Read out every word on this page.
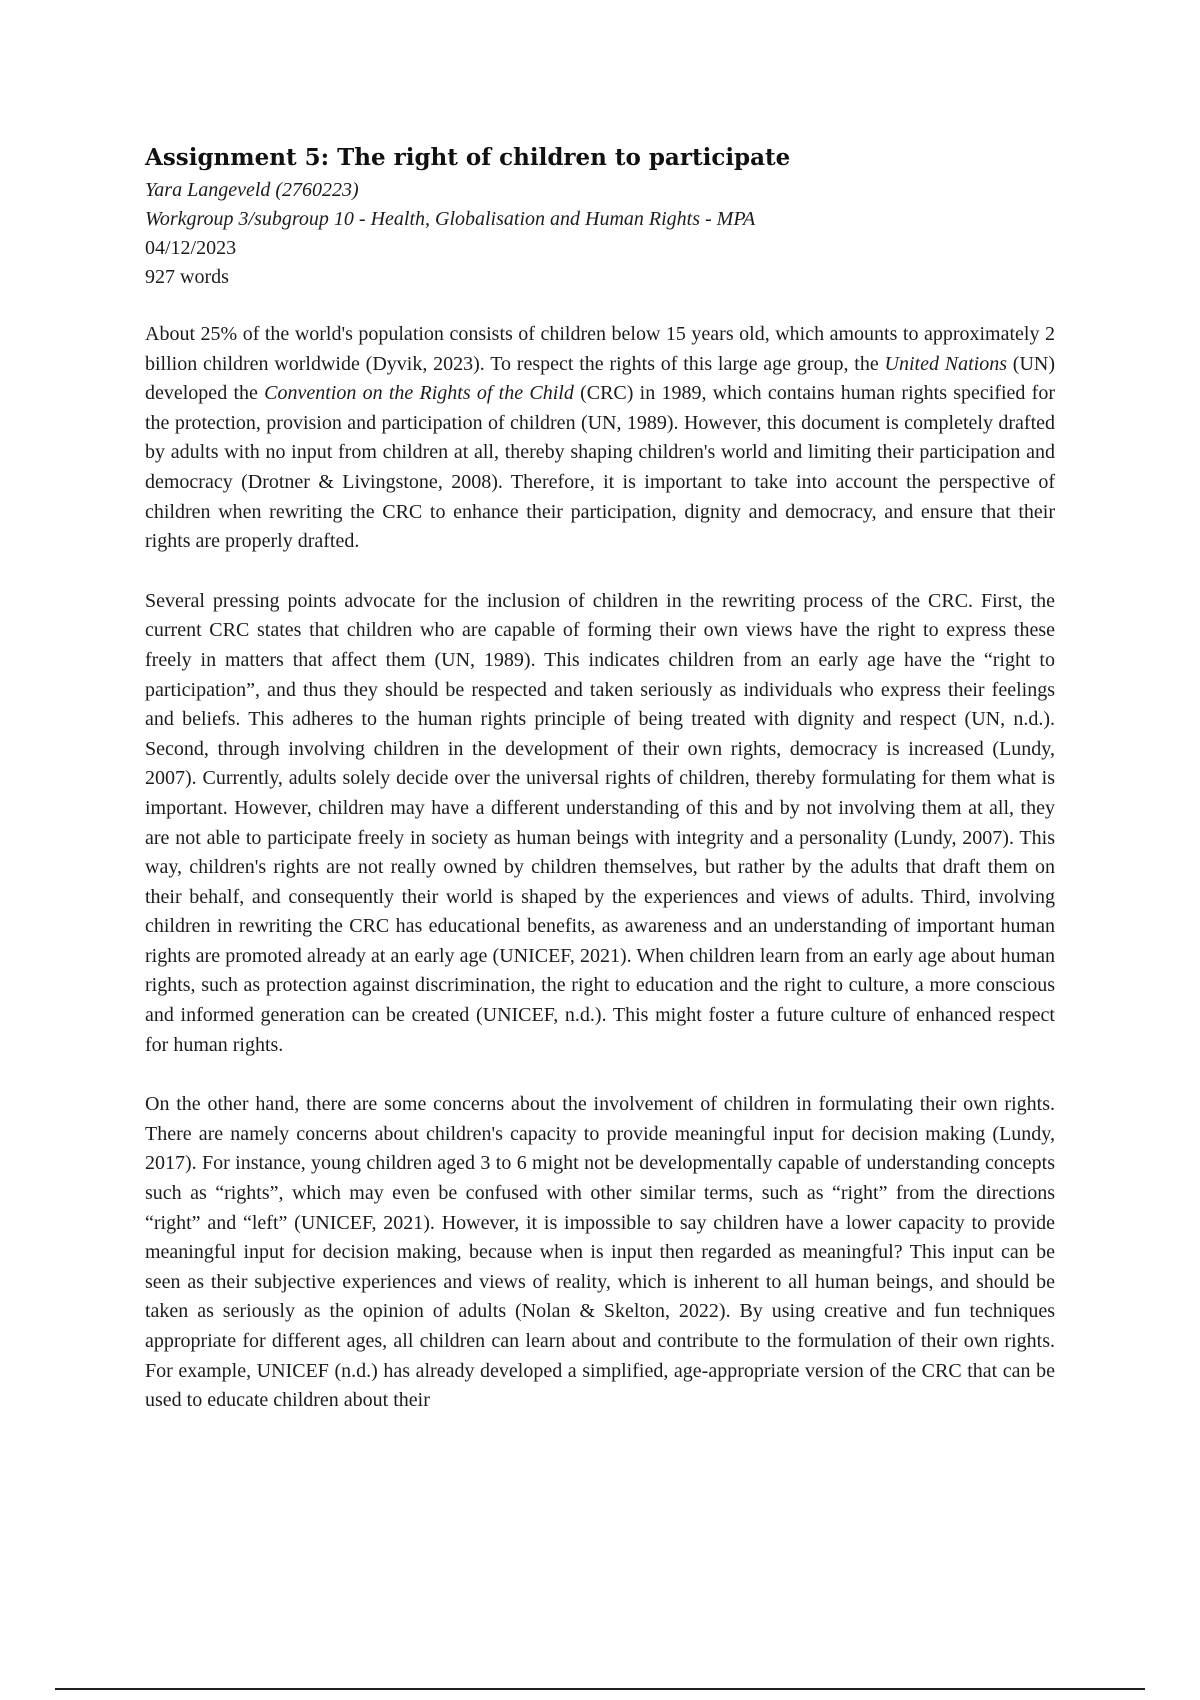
Assignment 5: The right of children to participate

Yara Langeveld (2760223)

Workgroup 3/subgroup 10 - Health, Globalisation and Human Rights - MPA

04/12/2023

927 words

About 25% of the world's population consists of children below 15 years old, which amounts to approximately 2 billion children worldwide (Dyvik, 2023). To respect the rights of this large age group, the United Nations (UN) developed the Convention on the Rights of the Child (CRC) in 1989, which contains human rights specified for the protection, provision and participation of children (UN, 1989). However, this document is completely drafted by adults with no input from children at all, thereby shaping children's world and limiting their participation and democracy (Drotner & Livingstone, 2008). Therefore, it is important to take into account the perspective of children when rewriting the CRC to enhance their participation, dignity and democracy, and ensure that their rights are properly drafted.

Several pressing points advocate for the inclusion of children in the rewriting process of the CRC. First, the current CRC states that children who are capable of forming their own views have the right to express these freely in matters that affect them (UN, 1989). This indicates children from an early age have the “right to participation”, and thus they should be respected and taken seriously as individuals who express their feelings and beliefs. This adheres to the human rights principle of being treated with dignity and respect (UN, n.d.). Second, through involving children in the development of their own rights, democracy is increased (Lundy, 2007). Currently, adults solely decide over the universal rights of children, thereby formulating for them what is important. However, children may have a different understanding of this and by not involving them at all, they are not able to participate freely in society as human beings with integrity and a personality (Lundy, 2007). This way, children's rights are not really owned by children themselves, but rather by the adults that draft them on their behalf, and consequently their world is shaped by the experiences and views of adults. Third, involving children in rewriting the CRC has educational benefits, as awareness and an understanding of important human rights are promoted already at an early age (UNICEF, 2021). When children learn from an early age about human rights, such as protection against discrimination, the right to education and the right to culture, a more conscious and informed generation can be created (UNICEF, n.d.). This might foster a future culture of enhanced respect for human rights.

On the other hand, there are some concerns about the involvement of children in formulating their own rights. There are namely concerns about children's capacity to provide meaningful input for decision making (Lundy, 2017). For instance, young children aged 3 to 6 might not be developmentally capable of understanding concepts such as “rights”, which may even be confused with other similar terms, such as “right” from the directions “right” and “left” (UNICEF, 2021). However, it is impossible to say children have a lower capacity to provide meaningful input for decision making, because when is input then regarded as meaningful? This input can be seen as their subjective experiences and views of reality, which is inherent to all human beings, and should be taken as seriously as the opinion of adults (Nolan & Skelton, 2022). By using creative and fun techniques appropriate for different ages, all children can learn about and contribute to the formulation of their own rights. For example, UNICEF (n.d.) has already developed a simplified, age-appropriate version of the CRC that can be used to educate children about their
